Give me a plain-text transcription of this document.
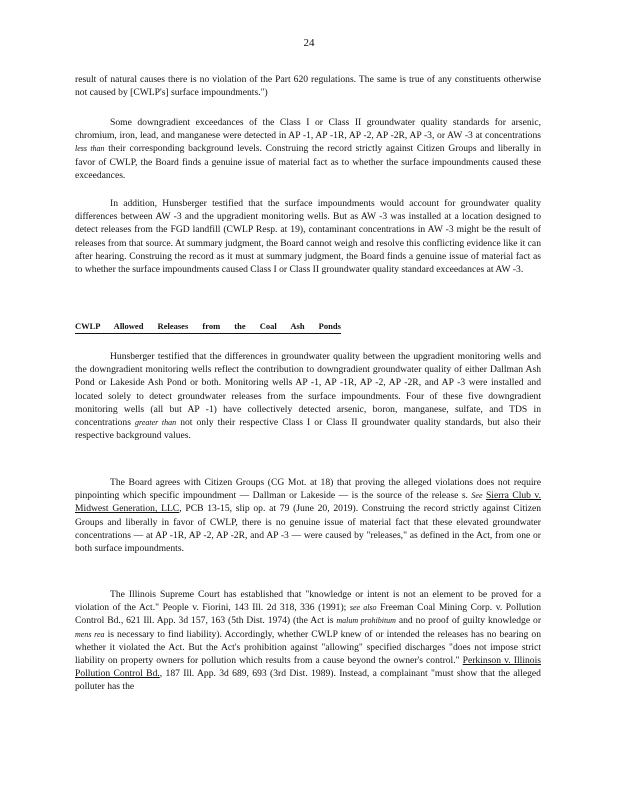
24

result of natural causes there is no violation of the Part 620 regulations. The same is true of any constituents otherwise not caused by [CWLP's] surface impoundments.")

Some downgradient exceedances of the Class I or Class II groundwater quality standards for arsenic, chromium, iron, lead, and manganese were detected in AP -1, AP -1R, AP -2, AP -2R, AP -3, or AW -3 at concentrations less than their corresponding background levels. Construing the record strictly against Citizen Groups and liberally in favor of CWLP, the Board finds a genuine issue of material fact as to whether the surface impoundments caused these exceedances.

In addition, Hunsberger testified that the surface impoundments would account for groundwater quality differences between AW -3 and the upgradient monitoring wells. But as AW -3 was installed at a location designed to detect releases from the FGD landfill (CWLP Resp. at 19), contaminant concentrations in AW -3 might be the result of releases from that source. At summary judgment, the Board cannot weigh and resolve this conflicting evidence like it can after hearing. Construing the record as it must at summary judgment, the Board finds a genuine issue of material fact as to whether the surface impoundments caused Class I or Class II groundwater quality standard exceedances at AW -3.

CWLP Allowed Releases from the Coal Ash Ponds

Hunsberger testified that the differences in groundwater quality between the upgradient monitoring wells and the downgradient monitoring wells reflect the contribution to downgradient groundwater quality of either Dallman Ash Pond or Lakeside Ash Pond or both. Monitoring wells AP -1, AP -1R, AP -2, AP -2R, and AP -3 were installed and located solely to detect groundwater releases from the surface impoundments. Four of these five downgradient monitoring wells (all but AP -1) have collectively detected arsenic, boron, manganese, sulfate, and TDS in concentrations greater than not only their respective Class I or Class II groundwater quality standards, but also their respective background values.

The Board agrees with Citizen Groups (CG Mot. at 18) that proving the alleged violations does not require pinpointing which specific impoundment — Dallman or Lakeside — is the source of the release s. See Sierra Club v. Midwest Generation, LLC, PCB 13-15, slip op. at 79 (June 20, 2019). Construing the record strictly against Citizen Groups and liberally in favor of CWLP, there is no genuine issue of material fact that these elevated groundwater concentrations — at AP -1R, AP -2, AP -2R, and AP -3 — were caused by "releases," as defined in the Act, from one or both surface impoundments.

The Illinois Supreme Court has established that "knowledge or intent is not an element to be proved for a violation of the Act." People v. Fiorini, 143 Ill. 2d 318, 336 (1991); see also Freeman Coal Mining Corp. v. Pollution Control Bd., 621 Ill. App. 3d 157, 163 (5th Dist. 1974) (the Act is malum prohibitum and no proof of guilty knowledge or mens rea is necessary to find liability). Accordingly, whether CWLP knew of or intended the releases has no bearing on whether it violated the Act. But the Act's prohibition against "allowing" specified discharges "does not impose strict liability on property owners for pollution which results from a cause beyond the owner's control." Perkinson v. Illinois Pollution Control Bd., 187 Ill. App. 3d 689, 693 (3rd Dist. 1989). Instead, a complainant "must show that the alleged polluter has the
